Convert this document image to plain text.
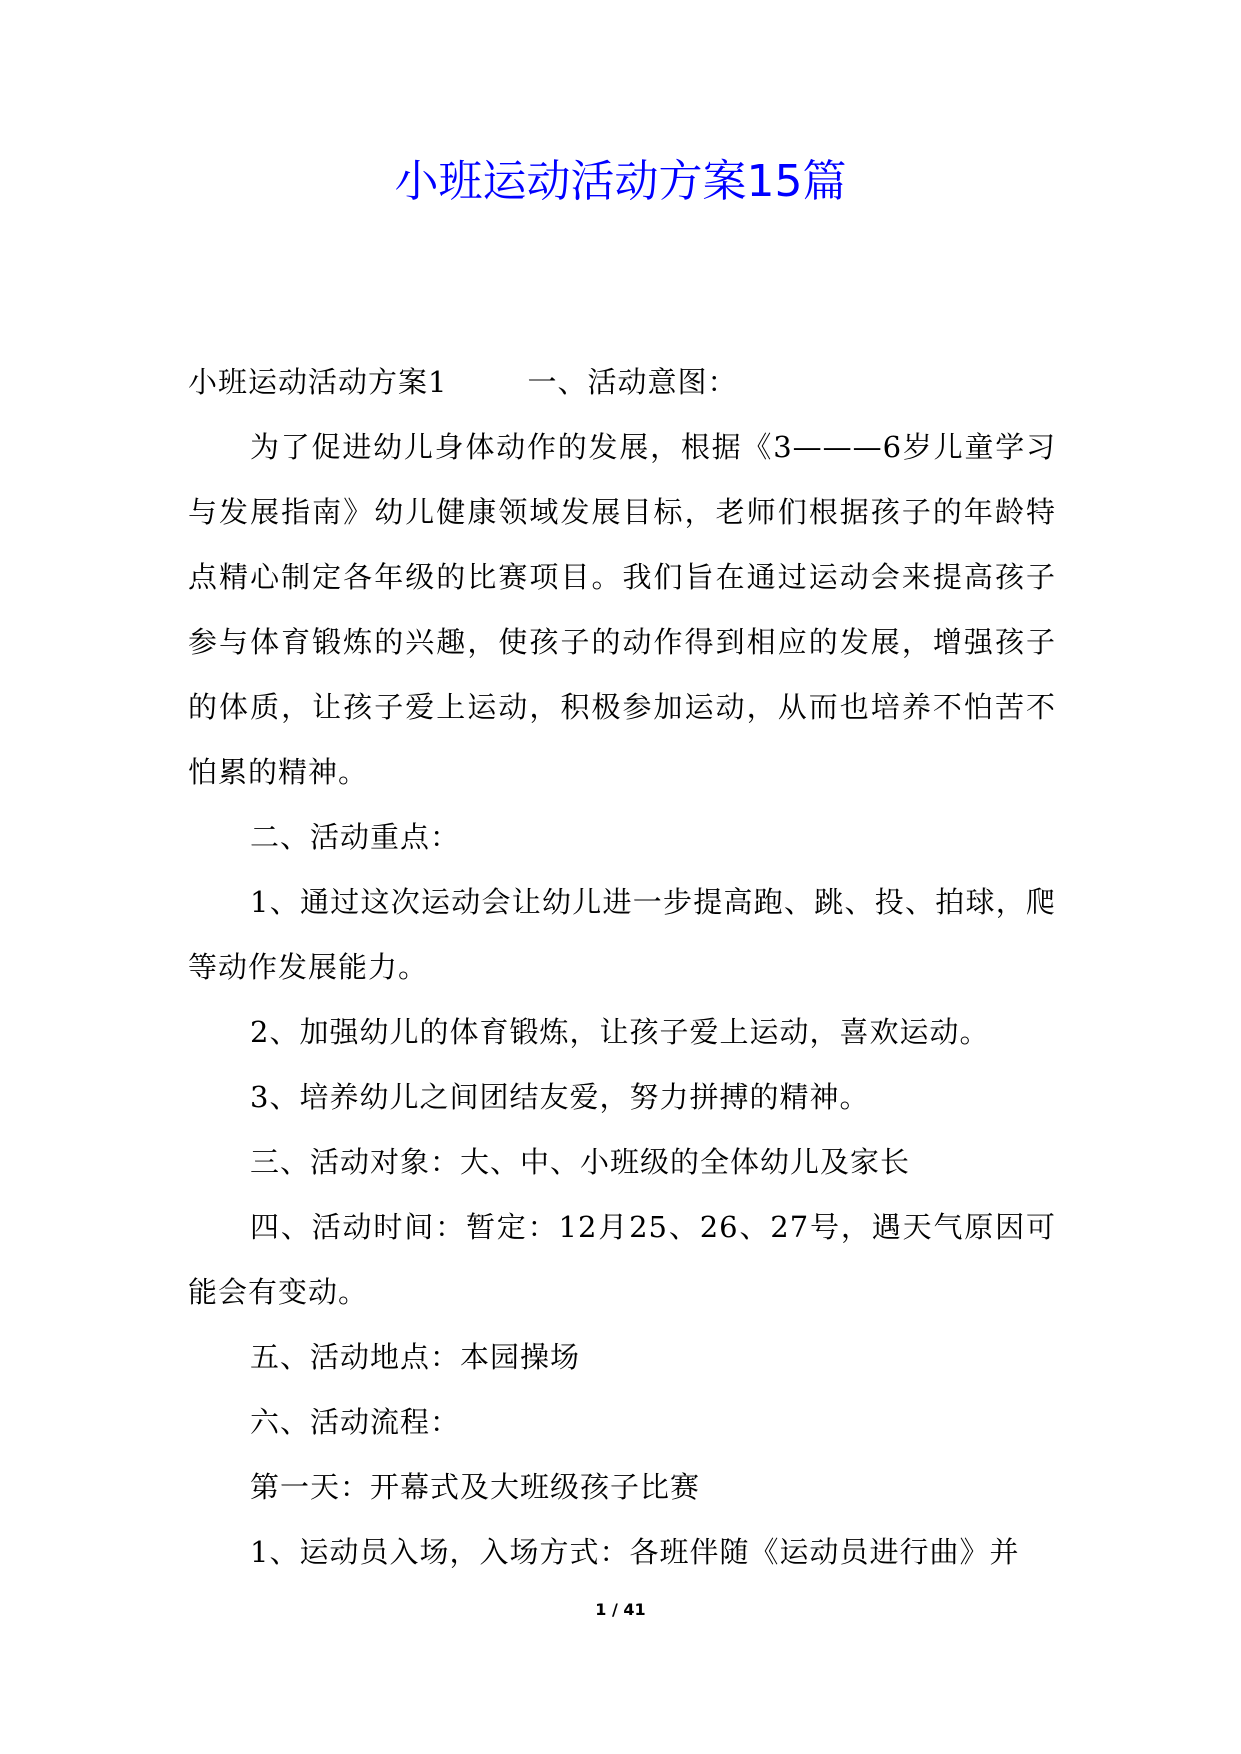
小班运动活动方案15篇

小班运动活动方案1	一、活动意图：

为了促进幼儿身体动作的发展，根据《3———6岁儿童学习与发展指南》幼儿健康领域发展目标，老师们根据孩子的年龄特点精心制定各年级的比赛项目。我们旨在通过运动会来提高孩子参与体育锻炼的兴趣，使孩子的动作得到相应的发展，增强孩子的体质，让孩子爱上运动，积极参加运动，从而也培养不怕苦不怕累的精神。

二、活动重点：

1、通过这次运动会让幼儿进一步提高跑、跳、投、拍球，爬等动作发展能力。

2、加强幼儿的体育锻炼，让孩子爱上运动，喜欢运动。

3、培养幼儿之间团结友爱，努力拼搏的精神。

三、活动对象：大、中、小班级的全体幼儿及家长

四、活动时间：暂定：12月25、26、27号，遇天气原因可能会有变动。

五、活动地点：本园操场

六、活动流程：

第一天：开幕式及大班级孩子比赛

1、运动员入场，入场方式：各班伴随《运动员进行曲》并

1 / 41
